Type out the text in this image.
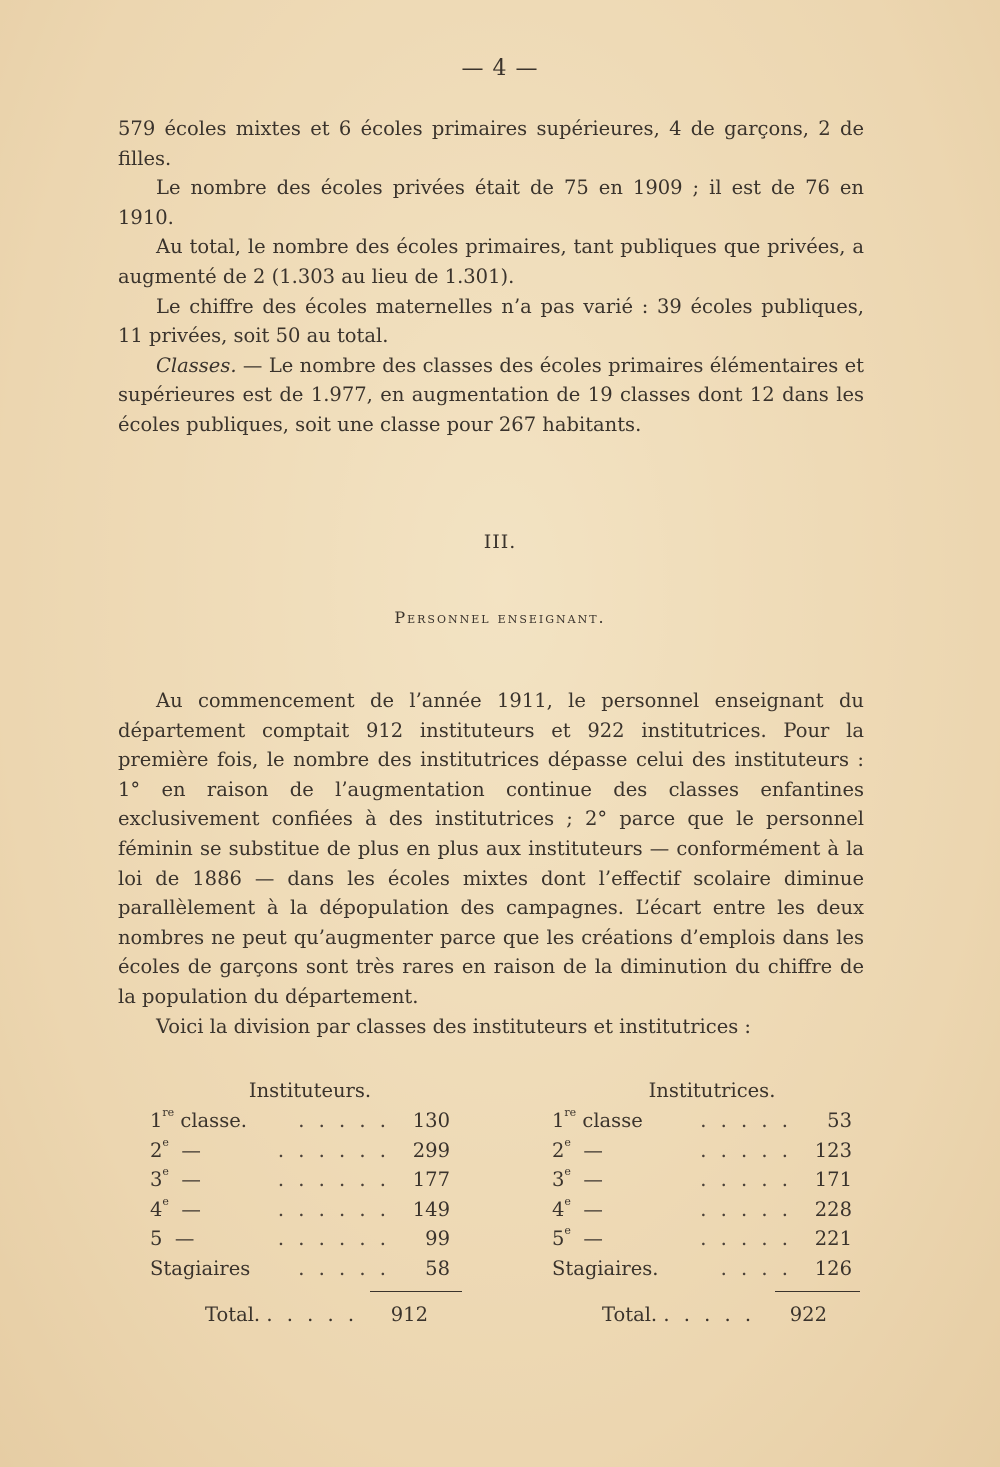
— 4 —
579 écoles mixtes et 6 écoles primaires supérieures, 4 de garçons, 2 de filles.
Le nombre des écoles privées était de 75 en 1909 ; il est de 76 en 1910.
Au total, le nombre des écoles primaires, tant publiques que privées, a augmenté de 2 (1.303 au lieu de 1.301).
Le chiffre des écoles maternelles n’a pas varié : 39 écoles publiques, 11 privées, soit 50 au total.
Classes. — Le nombre des classes des écoles primaires élémentaires et supérieures est de 1.977, en augmentation de 19 classes dont 12 dans les écoles publiques, soit une classe pour 267 habitants.
III.
Personnel enseignant.
Au commencement de l’année 1911, le personnel enseignant du département comptait 912 instituteurs et 922 institutrices. Pour la première fois, le nombre des institutrices dépasse celui des instituteurs : 1° en raison de l’augmentation continue des classes enfantines exclusivement confiées à des institutrices ; 2° parce que le personnel féminin se substitue de plus en plus aux instituteurs — conformément à la loi de 1886 — dans les écoles mixtes dont l’effectif scolaire diminue parallèlement à la dépopulation des campagnes. L’écart entre les deux nombres ne peut qu’augmenter parce que les créations d’emplois dans les écoles de garçons sont très rares en raison de la diminution du chiffre de la population du département.
Voici la division par classes des instituteurs et institutrices :
Instituteurs.
1re classe.	. . . . .	130
2e  —	. . . . . .	299
3e  —	. . . . . .	177
4e  —	. . . . . .	149
5  —	. . . . . .	99
Stagiaires	. . . . .	58
Institutrices.
1re classe	. . . . .	53
2e  —	. . . . .	123
3e  —	. . . . .	171
4e  —	. . . . .	228
5e  —	. . . . .	221
Stagiaires.	. . . .	126
Total. . . . . . 912	Total. . . . . . 922
